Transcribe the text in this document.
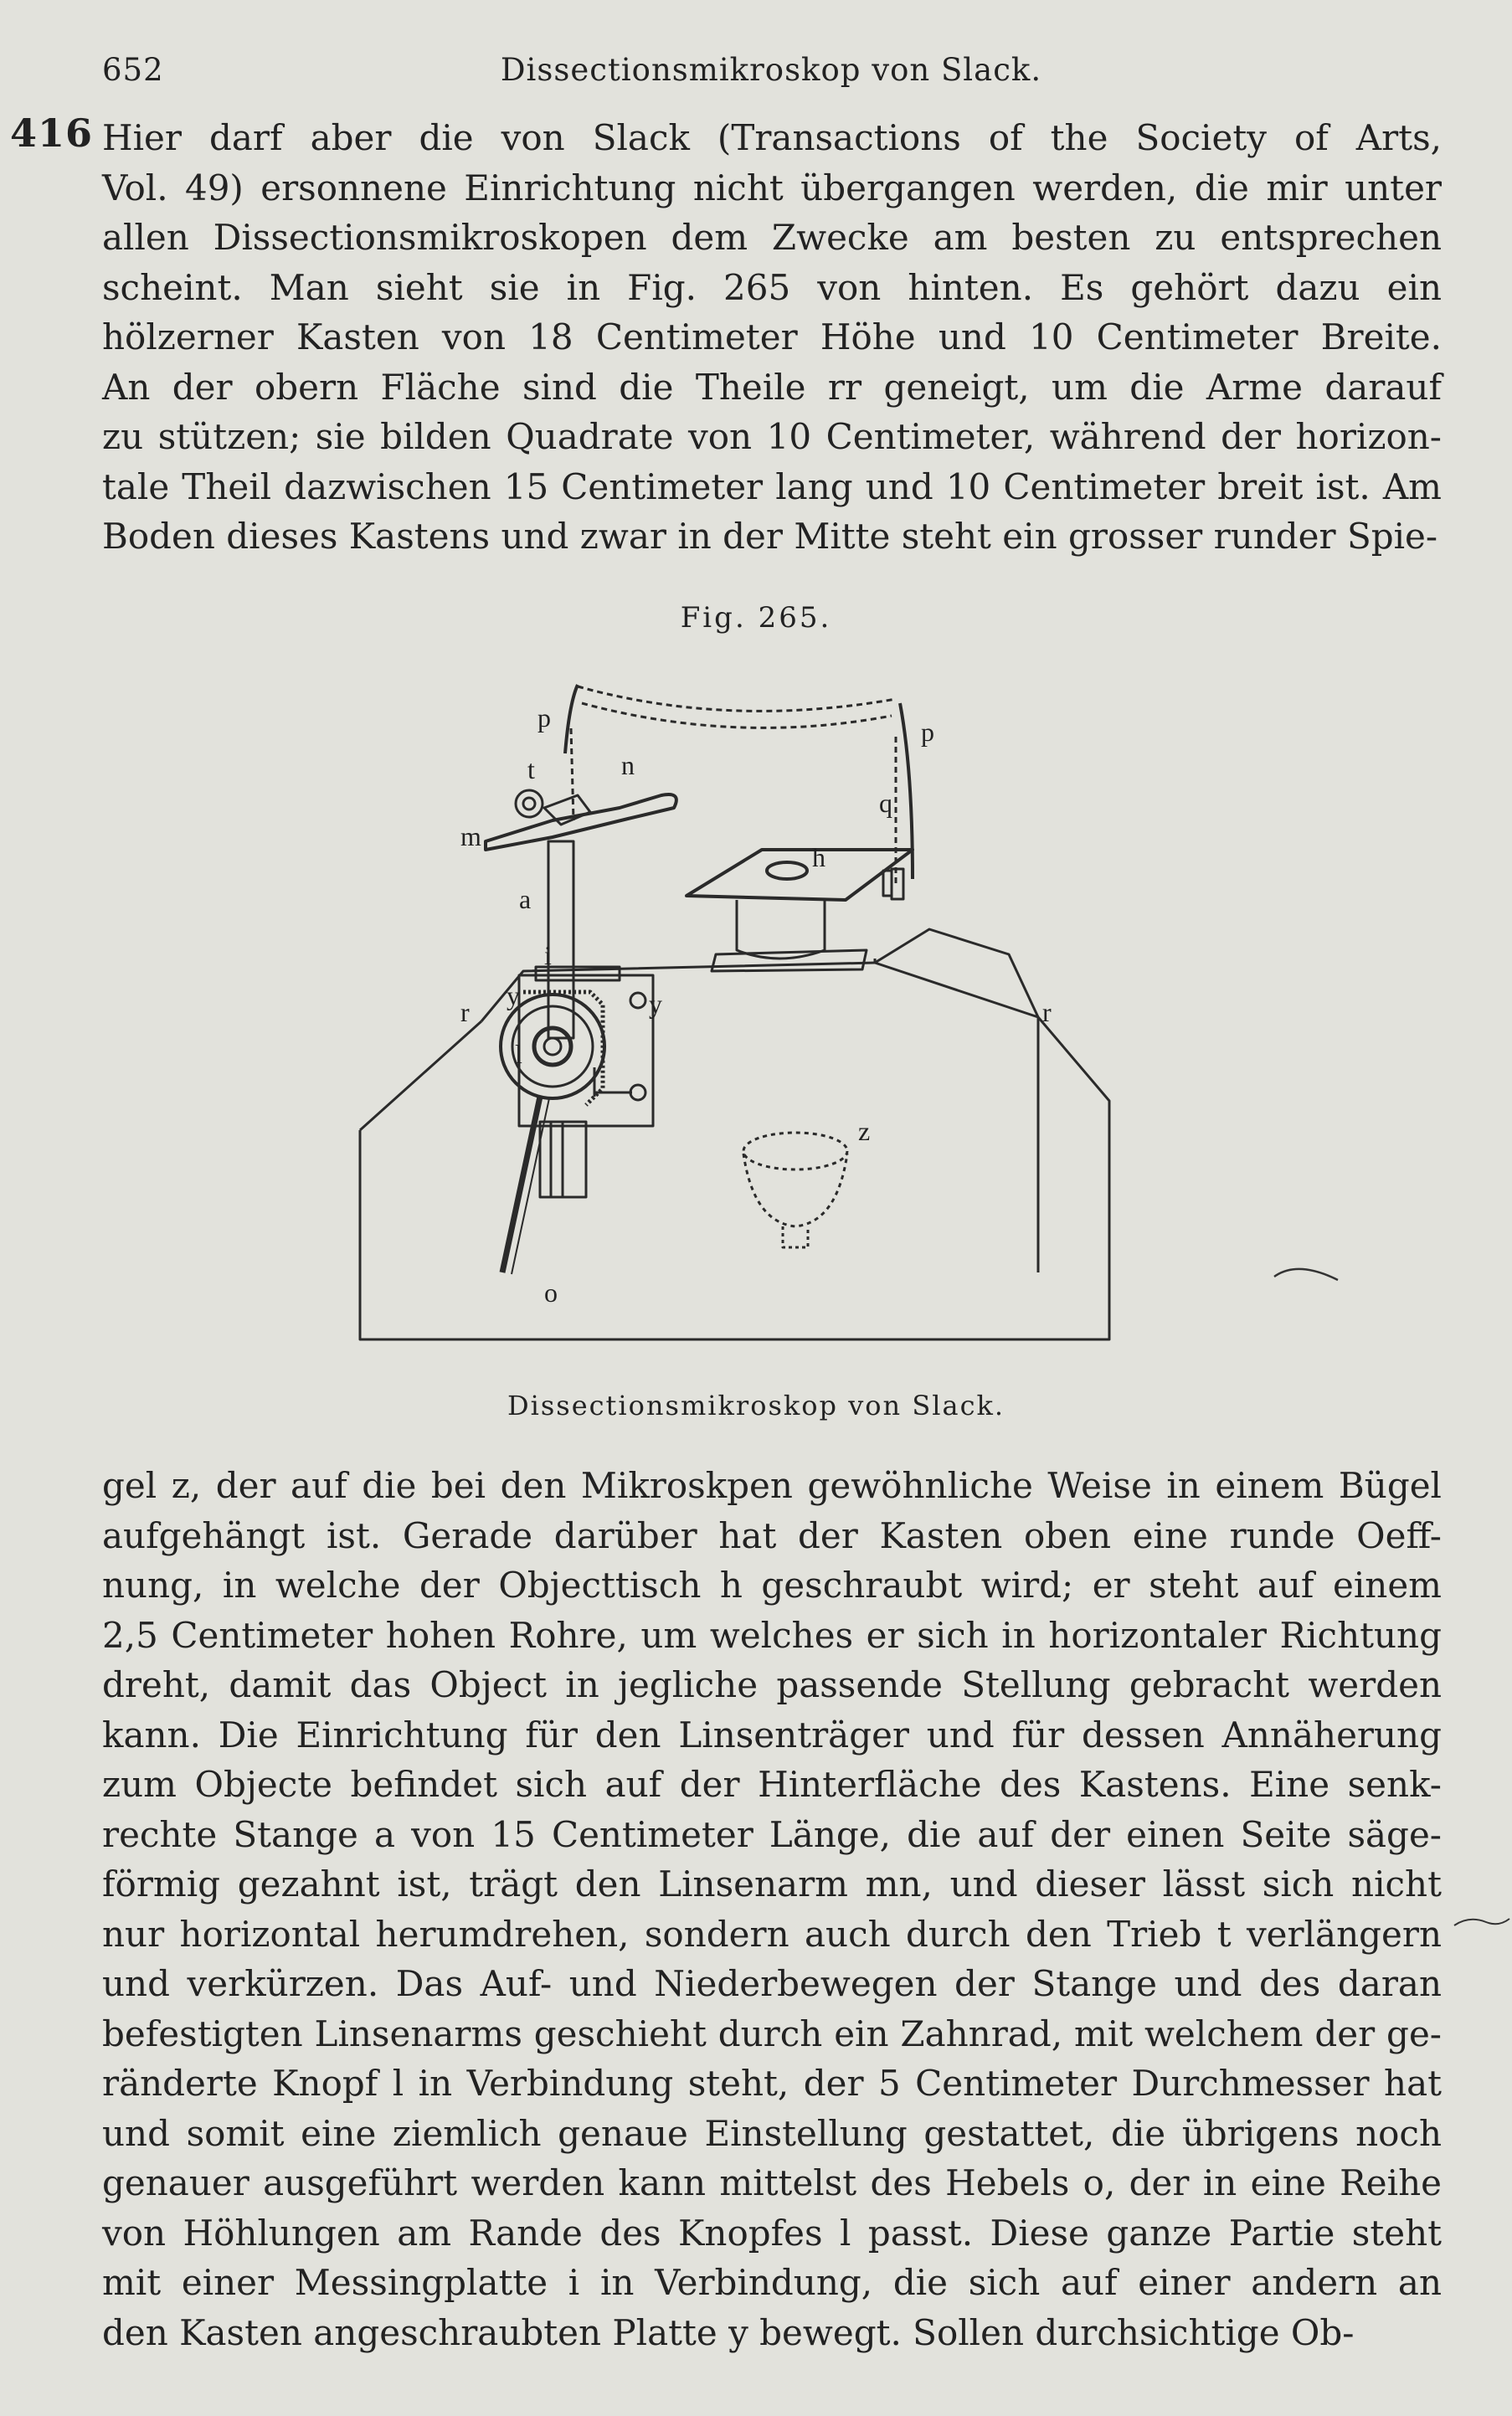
652	Dissectionsmikroskop von Slack.
416 Hier darf aber die von Slack (Transactions of the Society of Arts,
Vol. 49) ersonnene Einrichtung nicht übergangen werden, die mir unter
allen Dissectionsmikroskopen dem Zwecke am besten zu entsprechen
scheint. Man sieht sie in Fig. 265 von hinten. Es gehört dazu ein
hölzerner Kasten von 18 Centimeter Höhe und 10 Centimeter Breite.
An der obern Fläche sind die Theile rr geneigt, um die Arme darauf
zu stützen; sie bilden Quadrate von 10 Centimeter, während der horizon-
tale Theil dazwischen 15 Centimeter lang und 10 Centimeter breit ist. Am
Boden dieses Kastens und zwar in der Mitte steht ein grosser runder Spie-
Fig. 265.
p	p
n
q
t
m
h
a
i
y	y
r	r
l
z
o
Dissectionsmikroskop von Slack.
gel z, der auf die bei den Mikroskpen gewöhnliche Weise in einem Bügel
aufgehängt ist. Gerade darüber hat der Kasten oben eine runde Oeff-
nung, in welche der Objecttisch h geschraubt wird; er steht auf einem
2,5 Centimeter hohen Rohre, um welches er sich in horizontaler Richtung
dreht, damit das Object in jegliche passende Stellung gebracht werden
kann. Die Einrichtung für den Linsenträger und für dessen Annäherung
zum Objecte befindet sich auf der Hinterfläche des Kastens. Eine senk-
rechte Stange a von 15 Centimeter Länge, die auf der einen Seite säge-
förmig gezahnt ist, trägt den Linsenarm mn, und dieser lässt sich nicht
nur horizontal herumdrehen, sondern auch durch den Trieb t verlängern
und verkürzen. Das Auf- und Niederbewegen der Stange und des daran
befestigten Linsenarms geschieht durch ein Zahnrad, mit welchem der ge-
ränderte Knopf l in Verbindung steht, der 5 Centimeter Durchmesser hat
und somit eine ziemlich genaue Einstellung gestattet, die übrigens noch
genauer ausgeführt werden kann mittelst des Hebels o, der in eine Reihe
von Höhlungen am Rande des Knopfes l passt. Diese ganze Partie steht
mit einer Messingplatte i in Verbindung, die sich auf einer andern an
den Kasten angeschraubten Platte y bewegt. Sollen durchsichtige Ob-
